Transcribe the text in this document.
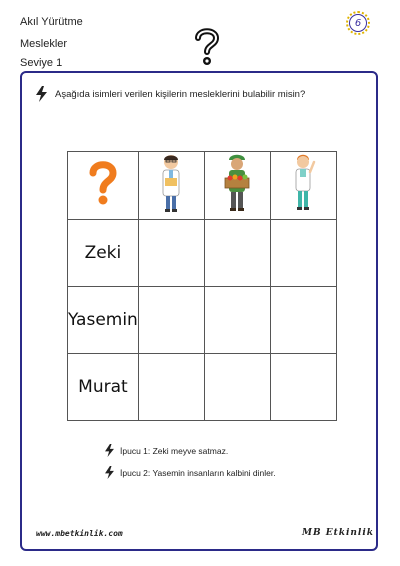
Akıl Yürütme
Meslekler
Seviye 1
6
Aşağıda isimleri verilen kişilerin mesleklerini bulabilir misin?

Zeki			
Yasemin			
Murat			
İpucu 1: Zeki meyve satmaz.
İpucu 2: Yasemin insanların kalbini dinler.
www.mbetkinlik.com	MB Etkinlik
